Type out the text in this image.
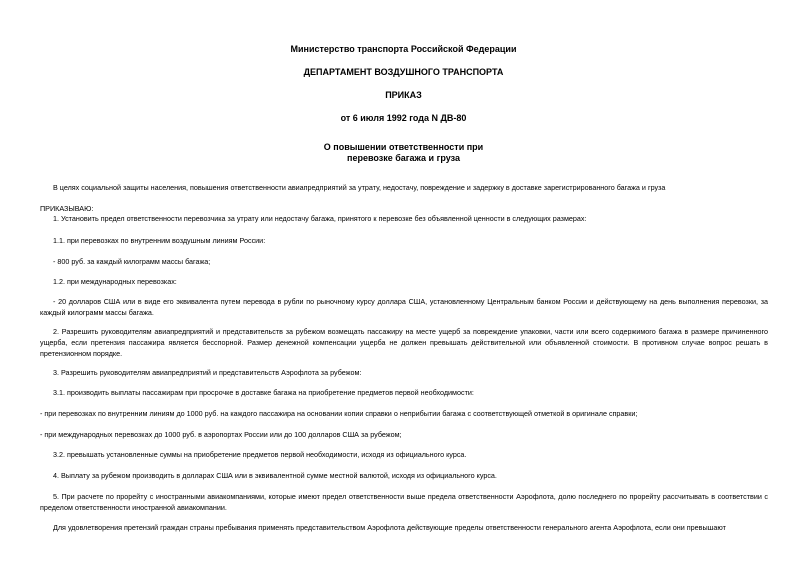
Министерство транспорта Российской Федерации
ДЕПАРТАМЕНТ ВОЗДУШНОГО ТРАНСПОРТА
ПРИКАЗ
от 6 июля 1992 года N ДВ-80
О повышении ответственности при
перевозке багажа и груза
В целях социальной защиты населения, повышения ответственности авиапредприятий за утрату, недостачу, повреждение и задержку в доставке зарегистрированного багажа и груза
ПРИКАЗЫВАЮ:
1. Установить предел ответственности перевозчика за утрату или недостачу багажа, принятого к перевозке без объявленной ценности в следующих размерах:
1.1. при перевозках по внутренним воздушным линиям России:
- 800 руб. за каждый килограмм массы багажа;
1.2. при международных перевозках:
- 20 долларов США или в виде его эквивалента путем перевода в рубли по рыночному курсу доллара США, установленному Центральным банком России и действующему на день выполнения перевозки, за каждый килограмм массы багажа.
2. Разрешить руководителям авиапредприятий и представительств за рубежом возмещать пассажиру на месте ущерб за повреждение упаковки, части или всего содержимого багажа в размере причиненного ущерба, если претензия пассажира является бесспорной. Размер денежной компенсации ущерба не должен превышать действительной или объявленной стоимости. В противном случае вопрос решать в претензионном порядке.
3. Разрешить руководителям авиапредприятий и представительств Аэрофлота за рубежом:
3.1. производить выплаты пассажирам при просрочке в доставке багажа на приобретение предметов первой необходимости:
- при перевозках по внутренним линиям до 1000 руб. на каждого пассажира на основании копии справки о неприбытии багажа с соответствующей отметкой в оригинале справки;
- при международных перевозках до 1000 руб. в аэропортах России или до 100 долларов США за рубежом;
3.2. превышать установленные суммы на приобретение предметов первой необходимости, исходя из официального курса.
4. Выплату за рубежом производить в долларах США или в эквивалентной сумме местной валютой, исходя из официального курса.
5. При расчете по прорейту с иностранными авиакомпаниями, которые имеют предел ответственности выше предела ответственности Аэрофлота, долю последнего по прорейту рассчитывать в соответствии с пределом ответственности иностранной авиакомпании.
Для удовлетворения претензий граждан страны пребывания применять представительством Аэрофлота действующие пределы ответственности генерального агента Аэрофлота, если они превышают
